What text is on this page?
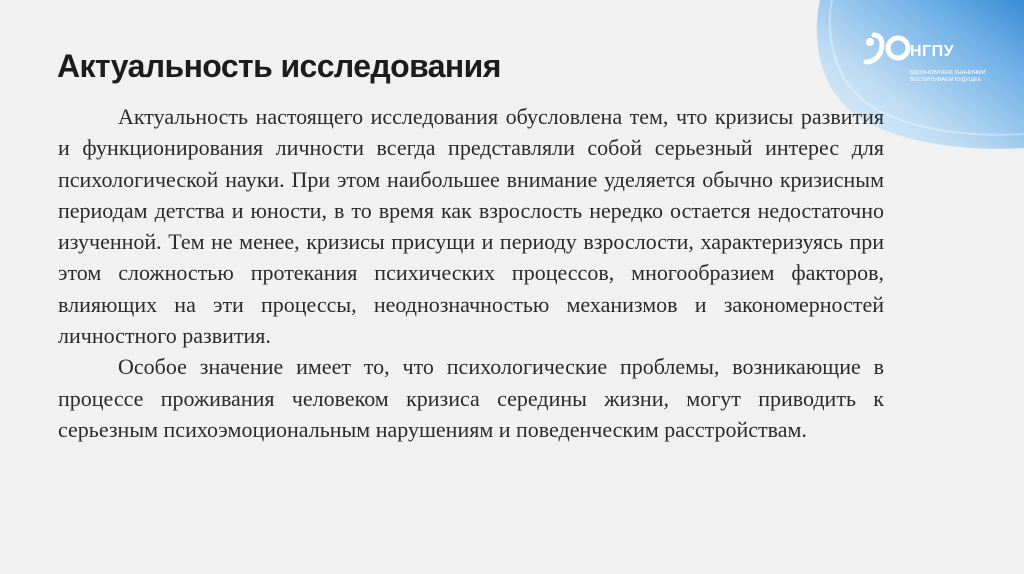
НГПУ
ВДОХНОВЛЯЕМ ЗНАНИЯМИ
ВОСПИТЫВАЕМ БУДУЩЕЕ
Актуальность исследования

Актуальность настоящего исследования обусловлена тем, что кризисы развития и функционирования личности всегда представляли собой серьезный интерес для психологической науки. При этом наибольшее внимание уделяется обычно кризисным периодам детства и юности, в то время как взрослость нередко остается недостаточно изученной. Тем не менее, кризисы присущи и периоду взрослости, характеризуясь при этом сложностью протекания психических процессов, многообразием факторов, влияющих на эти процессы, неоднозначностью механизмов и закономерностей личностного развития.

Особое значение имеет то, что психологические проблемы, возникающие в процессе проживания человеком кризиса середины жизни, могут приводить к серьезным психоэмоциональным нарушениям и поведенческим расстройствам.
